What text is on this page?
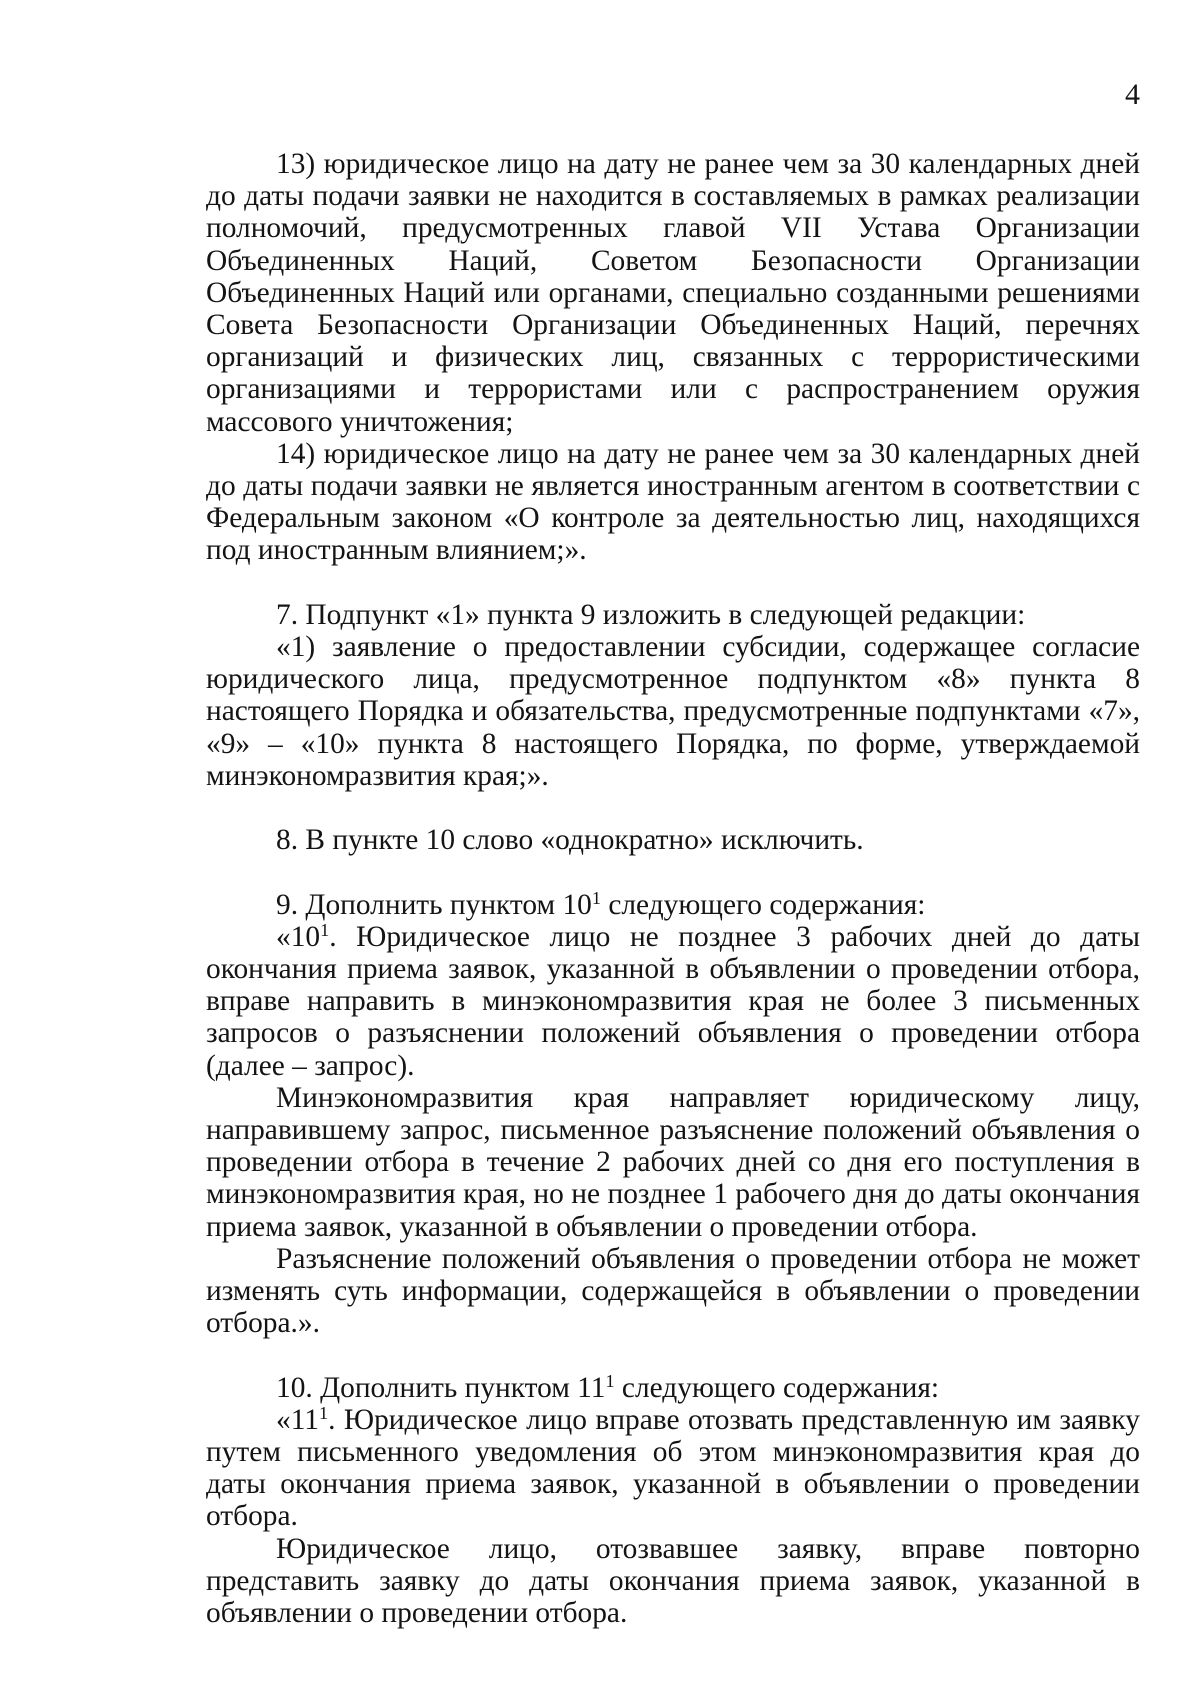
4

13) юридическое лицо на дату не ранее чем за 30 календарных дней до даты подачи заявки не находится в составляемых в рамках реализации полномочий, предусмотренных главой VII Устава Организации Объединенных Наций, Советом Безопасности Организации Объединенных Наций или органами, специально созданными решениями Совета Безопасности Организации Объединенных Наций, перечнях организаций и физических лиц, связанных с террористическими организациями и террористами или с распространением оружия массового уничтожения;

14) юридическое лицо на дату не ранее чем за 30 календарных дней до даты подачи заявки не является иностранным агентом в соответствии с Федеральным законом «О контроле за деятельностью лиц, находящихся под иностранным влиянием;».

7. Подпункт «1» пункта 9 изложить в следующей редакции:

«1) заявление о предоставлении субсидии, содержащее согласие юридического лица, предусмотренное подпунктом «8» пункта 8 настоящего Порядка и обязательства, предусмотренные подпунктами «7», «9» – «10» пункта 8 настоящего Порядка, по форме, утверждаемой минэкономразвития края;».

8. В пункте 10 слово «однократно» исключить.

9. Дополнить пунктом $10^1$ следующего содержания:

«$10^1$. Юридическое лицо не позднее 3 рабочих дней до даты окончания приема заявок, указанной в объявлении о проведении отбора, вправе направить в минэкономразвития края не более 3 письменных запросов о разъяснении положений объявления о проведении отбора (далее – запрос).

Минэкономразвития края направляет юридическому лицу, направившему запрос, письменное разъяснение положений объявления о проведении отбора в течение 2 рабочих дней со дня его поступления в минэкономразвития края, но не позднее 1 рабочего дня до даты окончания приема заявок, указанной в объявлении о проведении отбора.

Разъяснение положений объявления о проведении отбора не может изменять суть информации, содержащейся в объявлении о проведении отбора.».

10. Дополнить пунктом $11^1$ следующего содержания:

«$11^1$. Юридическое лицо вправе отозвать представленную им заявку путем письменного уведомления об этом минэкономразвития края до даты окончания приема заявок, указанной в объявлении о проведении отбора.

Юридическое лицо, отозвавшее заявку, вправе повторно представить заявку до даты окончания приема заявок, указанной в объявлении о проведении отбора.
